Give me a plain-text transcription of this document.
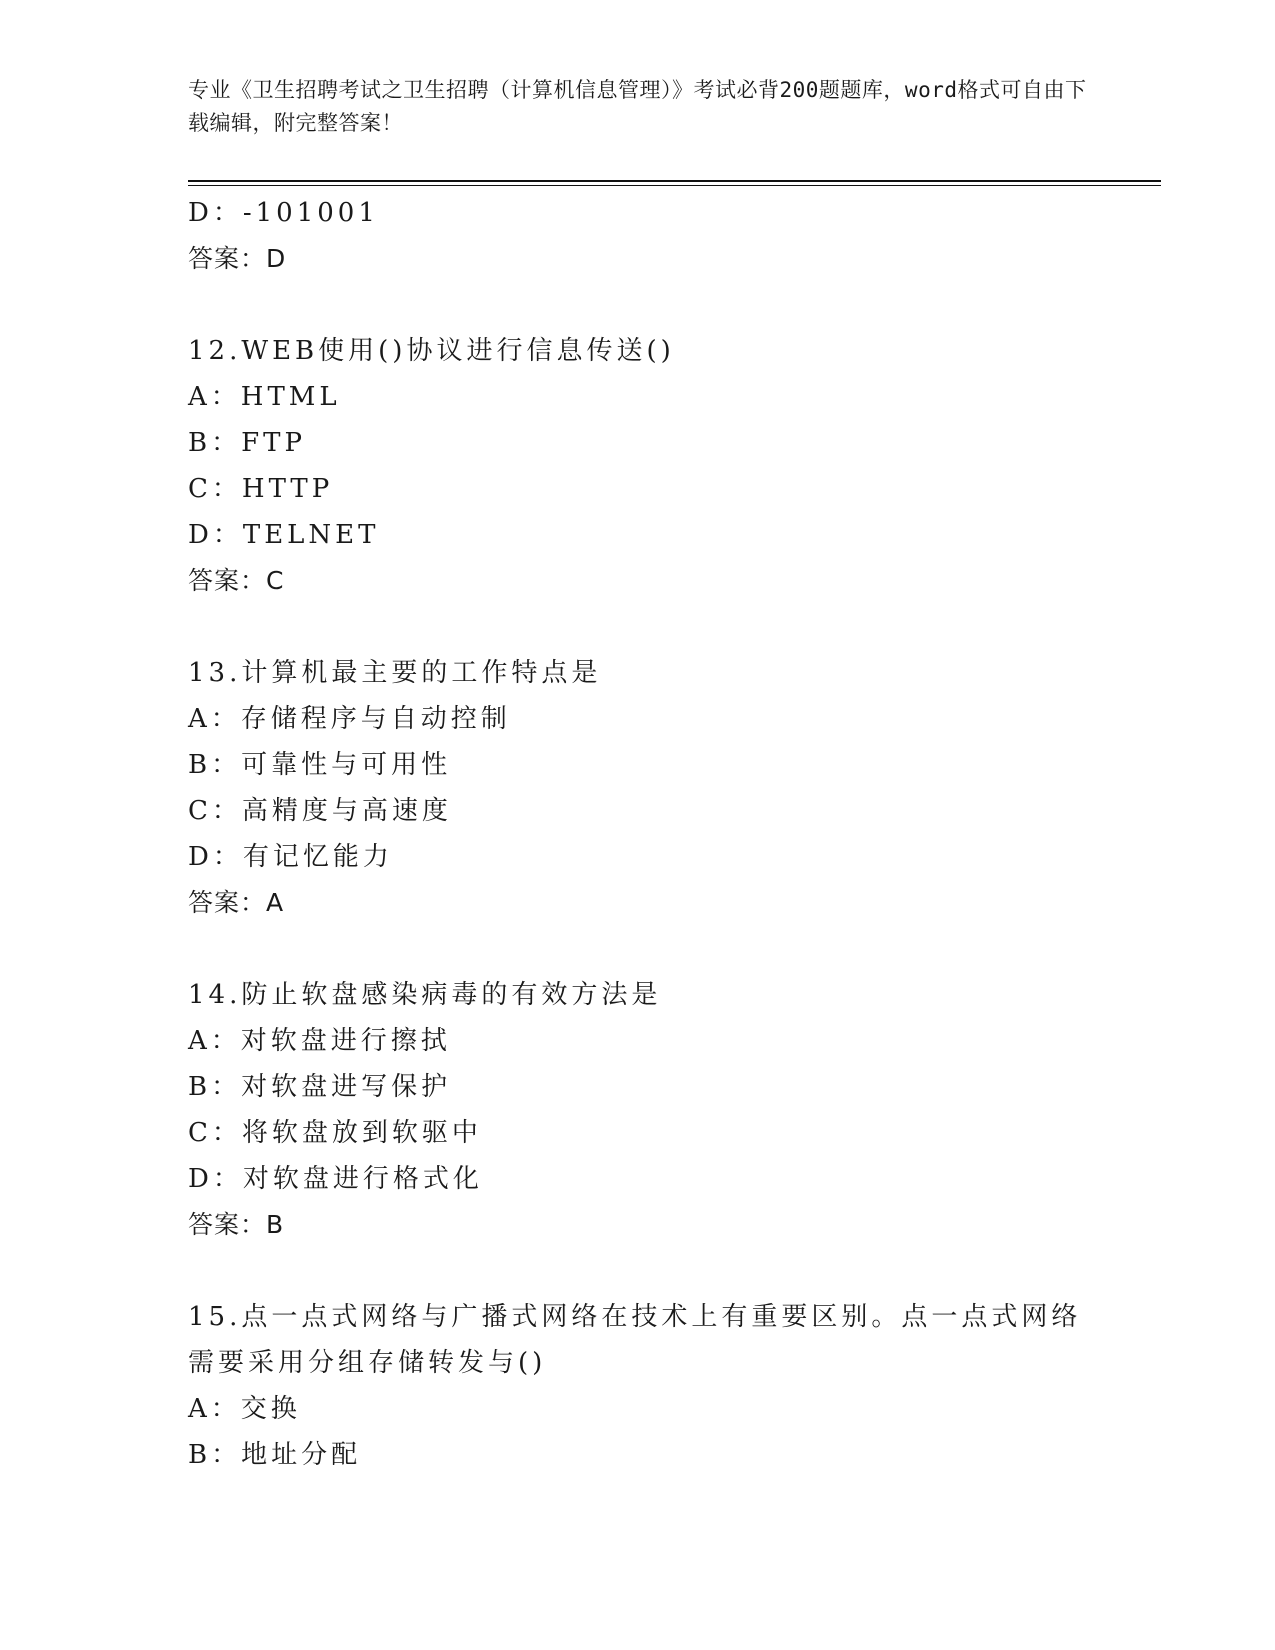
专业《卫生招聘考试之卫生招聘（计算机信息管理）》考试必背200题题库，word格式可自由下载编辑，附完整答案！
D：-101001
答案：D
12.WEB使用()协议进行信息传送()
A：HTML
B：FTP
C：HTTP
D：TELNET
答案：C
13.计算机最主要的工作特点是
A：存储程序与自动控制
B：可靠性与可用性
C：高精度与高速度
D：有记忆能力
答案：A
14.防止软盘感染病毒的有效方法是
A：对软盘进行擦拭
B：对软盘进写保护
C：将软盘放到软驱中
D：对软盘进行格式化
答案：B
15.点一点式网络与广播式网络在技术上有重要区别。点一点式网络需要采用分组存储转发与()
A：交换
B：地址分配
